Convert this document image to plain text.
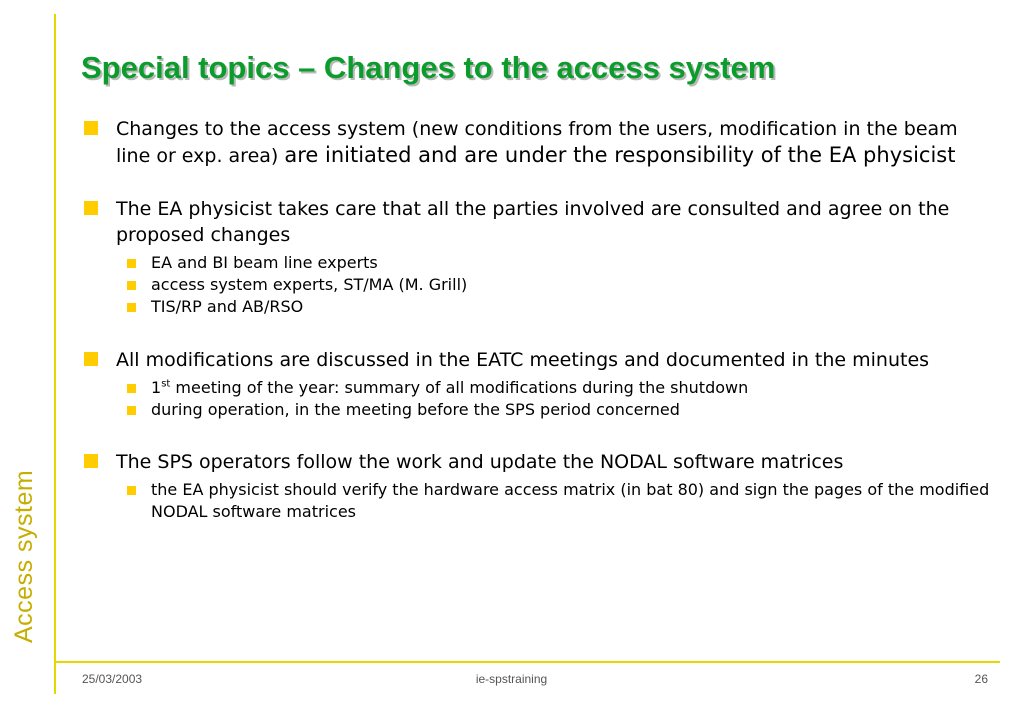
Access system
Special topics – Changes to the access system
Changes to the access system (new conditions from the users, modification in the beam line or exp. area) are initiated and are under the responsibility of the EA physicist
The EA physicist takes care that all the parties involved are consulted and agree on the proposed changes
EA and BI beam line experts
access system experts, ST/MA (M. Grill)
TIS/RP and AB/RSO
All modifications are discussed in the EATC meetings and documented in the minutes
1st meeting of the year: summary of all modifications during the shutdown
during operation, in the meeting before the SPS period concerned
The SPS operators follow the work and update the NODAL software matrices
the EA physicist should verify the hardware access matrix (in bat 80) and sign the pages of the modified NODAL software matrices
25/03/2003	ie-spstraining	26
